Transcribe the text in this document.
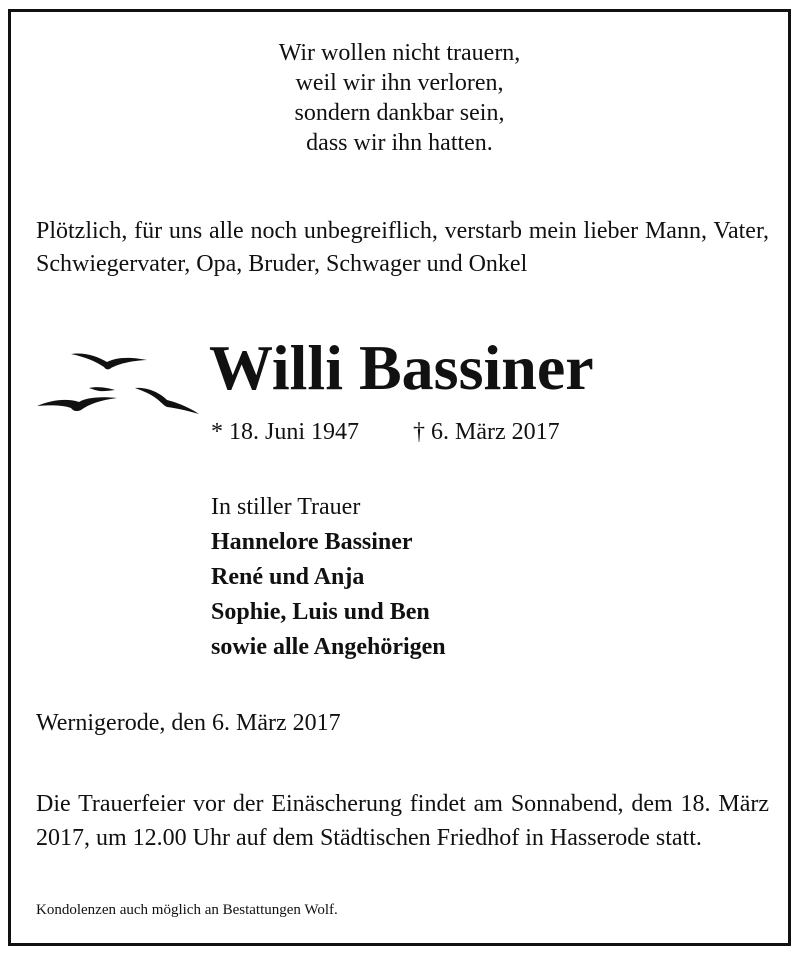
Wir wollen nicht trauern,
weil wir ihn verloren,
sondern dankbar sein,
dass wir ihn hatten.

Plötzlich, für uns alle noch unbegreiflich, verstarb mein lieber Mann, Vater, Schwiegervater, Opa, Bruder, Schwager und Onkel

Willi Bassiner
* 18. Juni 1947 † 6. März 2017
In stiller Trauer
Hannelore Bassiner
René und Anja
Sophie, Luis und Ben
sowie alle Angehörigen
Wernigerode, den 6. März 2017

Die Trauerfeier vor der Einäscherung findet am Sonnabend, dem 18. März 2017, um 12.00 Uhr auf dem Städtischen Friedhof in Hasserode statt.

Kondolenzen auch möglich an Bestattungen Wolf.
